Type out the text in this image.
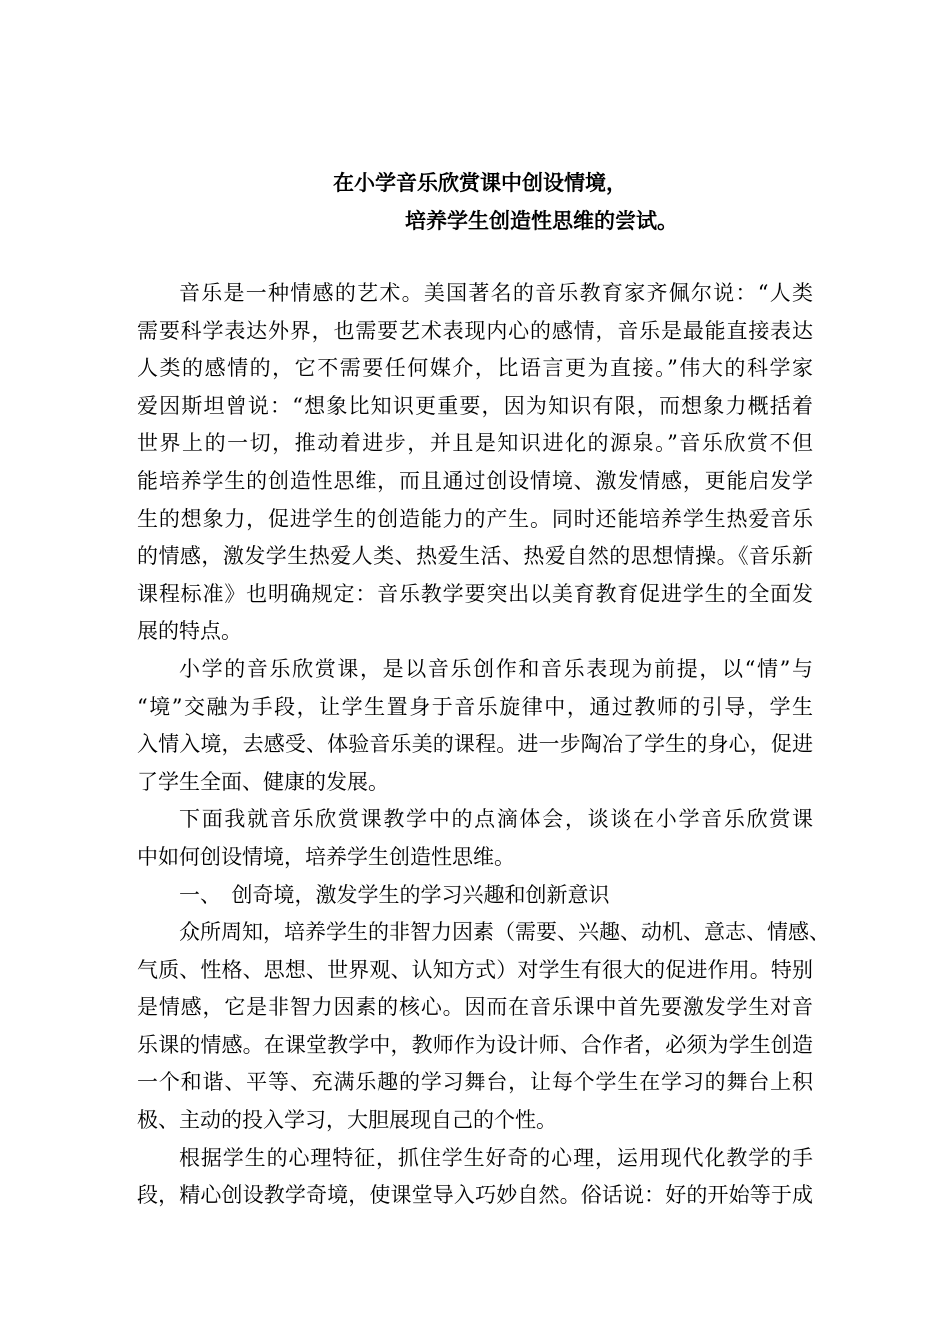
在小学音乐欣赏课中创设情境，
培养学生创造性思维的尝试。
音乐是一种情感的艺术。美国著名的音乐教育家齐佩尔说：“人类
需要科学表达外界，也需要艺术表现内心的感情，音乐是最能直接表达
人类的感情的，它不需要任何媒介，比语言更为直接。”伟大的科学家
爱因斯坦曾说：“想象比知识更重要，因为知识有限，而想象力概括着
世界上的一切，推动着进步，并且是知识进化的源泉。”音乐欣赏不但
能培养学生的创造性思维，而且通过创设情境、激发情感，更能启发学
生的想象力，促进学生的创造能力的产生。同时还能培养学生热爱音乐
的情感，激发学生热爱人类、热爱生活、热爱自然的思想情操。《音乐新
课程标准》也明确规定：音乐教学要突出以美育教育促进学生的全面发
展的特点。
小学的音乐欣赏课，是以音乐创作和音乐表现为前提，以“情”与
“境”交融为手段，让学生置身于音乐旋律中，通过教师的引导，学生
入情入境，去感受、体验音乐美的课程。进一步陶冶了学生的身心，促进
了学生全面、健康的发展。
下面我就音乐欣赏课教学中的点滴体会，谈谈在小学音乐欣赏课
中如何创设情境，培养学生创造性思维。
一、　创奇境，激发学生的学习兴趣和创新意识
众所周知，培养学生的非智力因素（需要、兴趣、动机、意志、情感、
气质、性格、思想、世界观、认知方式）对学生有很大的促进作用。特别
是情感，它是非智力因素的核心。因而在音乐课中首先要激发学生对音
乐课的情感。在课堂教学中，教师作为设计师、合作者，必须为学生创造
一个和谐、平等、充满乐趣的学习舞台，让每个学生在学习的舞台上积
极、主动的投入学习，大胆展现自己的个性。
根据学生的心理特征，抓住学生好奇的心理，运用现代化教学的手
段，精心创设教学奇境，使课堂导入巧妙自然。俗话说：好的开始等于成
